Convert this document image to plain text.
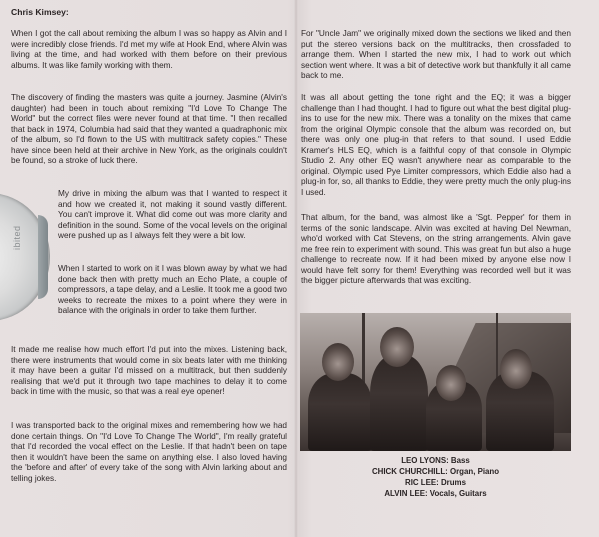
Chris Kimsey:
When I got the call about remixing the album I was so happy as Alvin and I were incredibly close friends. I'd met my wife at Hook End, where Alvin was living at the time, and had worked with them before on their previous albums. It was like family working with them.
The discovery of finding the masters was quite a journey. Jasmine (Alvin's daughter) had been in touch about remixing "I'd Love To Change The World" but the correct files were never found at that time. "I then recalled that back in 1974, Columbia had said that they wanted a quadraphonic mix of the album, so I'd flown to the US with multitrack safety copies." These have since been held at their archive in New York, as the originals couldn't be found, so a stroke of luck there.
My drive in mixing the album was that I wanted to respect it and how we created it, not making it sound vastly different. You can't improve it. What did come out was more clarity and definition in the sound. Some of the vocal levels on the original were pushed up as I always felt they were a bit low.
When I started to work on it I was blown away by what we had done back then with pretty much an Echo Plate, a couple of compressors, a tape delay, and a Leslie. It took me a good two weeks to recreate the mixes to a point where they were in balance with the originals in order to take them further.
It made me realise how much effort I'd put into the mixes. Listening back, there were instruments that would come in six beats later with me thinking it may have been a guitar I'd missed on a multitrack, but then suddenly realising that we'd put it through two tape machines to delay it to come back in time with the music, so that was a real eye opener!
I was transported back to the original mixes and remembering how we had done certain things. On "I'd Love To Change The World", I'm really grateful that I'd recorded the vocal effect on the Leslie. If that hadn't been on tape then it wouldn't have been the same on anything else. I also loved having the 'before and after' of every take of the song with Alvin larking about and telling jokes.
ibited
For "Uncle Jam" we originally mixed down the sections we liked and then put the stereo versions back on the multitracks, then crossfaded to arrange them. When I started the new mix, I had to work out which section went where. It was a bit of detective work but thankfully it all came back to me.
It was all about getting the tone right and the EQ; it was a bigger challenge than I had thought. I had to figure out what the best digital plug-ins to use for the new mix. There was a tonality on the mixes that came from the original Olympic console that the album was recorded on, but there was only one plug-in that refers to that sound. I used Eddie Kramer's HLS EQ, which is a faithful copy of that console in Olympic Studio 2. Any other EQ wasn't anywhere near as comparable to the original. Olympic used Pye Limiter compressors, which Eddie also had a plug-in for, so, all thanks to Eddie, they were pretty much the only plug-ins I used.
That album, for the band, was almost like a 'Sgt. Pepper' for them in terms of the sonic landscape. Alvin was excited at having Del Newman, who'd worked with Cat Stevens, on the string arrangements. Alvin gave me free rein to experiment with sound. This was great fun but also a huge challenge to recreate now. If it had been mixed by anyone else now I would have felt sorry for them! Everything was recorded well but it was the bigger picture afterwards that was exciting.
LEO LYONS: Bass
CHICK CHURCHILL: Organ, Piano
RIC LEE: Drums
ALVIN LEE: Vocals, Guitars
